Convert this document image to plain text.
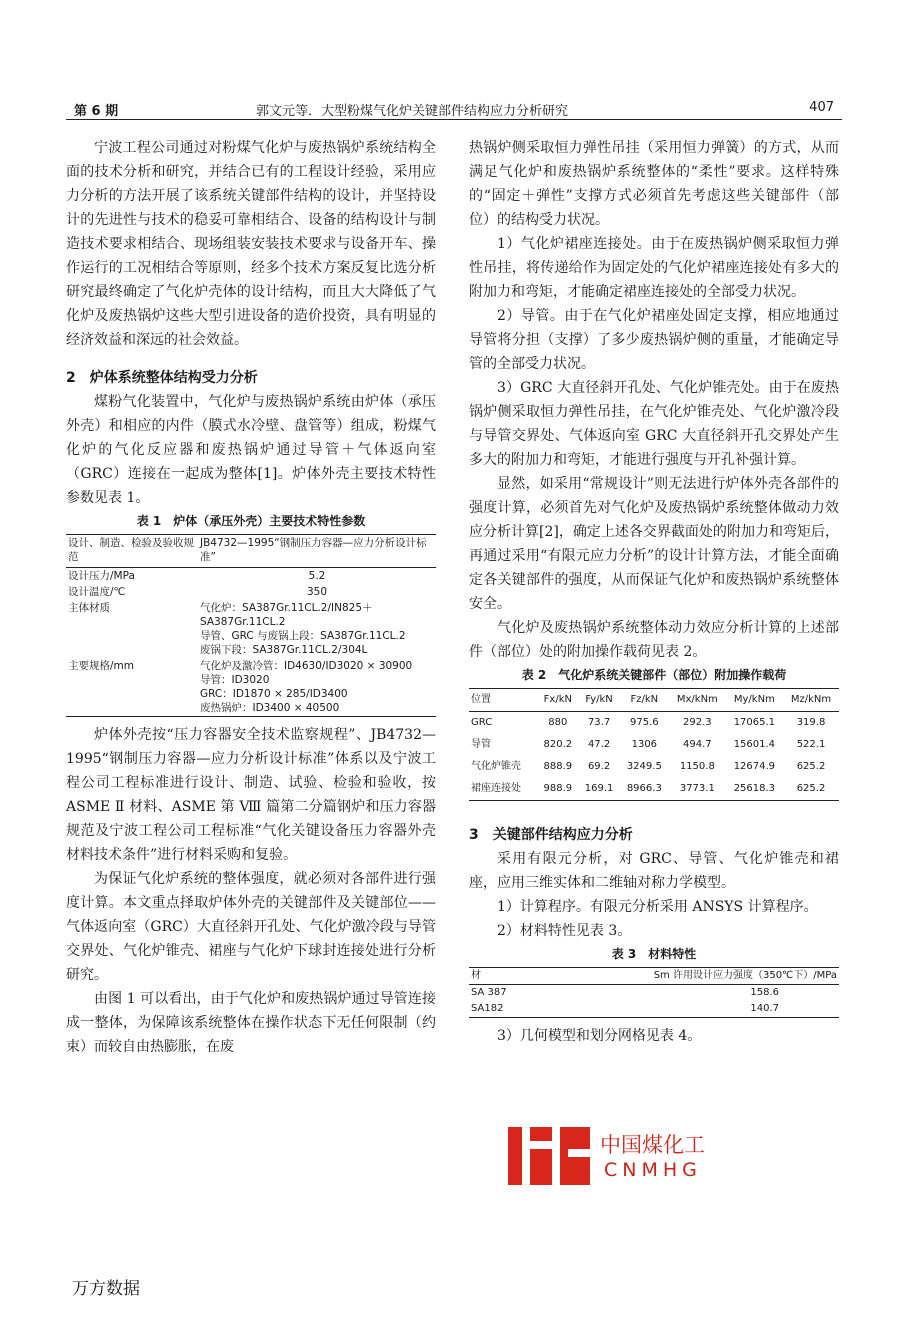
第 6 期	郭文元等．大型粉煤气化炉关键部件结构应力分析研究	407

宁波工程公司通过对粉煤气化炉与废热锅炉系统结构全面的技术分析和研究，并结合已有的工程设计经验，采用应力分析的方法开展了该系统关键部件结构的设计，并坚持设计的先进性与技术的稳妥可靠相结合、设备的结构设计与制造技术要求相结合、现场组装安装技术要求与设备开车、操作运行的工况相结合等原则，经多个技术方案反复比选分析研究最终确定了气化炉壳体的设计结构，而且大大降低了气化炉及废热锅炉这些大型引进设备的造价投资，具有明显的经济效益和深远的社会效益。

2　炉体系统整体结构受力分析

煤粉气化装置中，气化炉与废热锅炉系统由炉体（承压外壳）和相应的内件（膜式水冷壁、盘管等）组成，粉煤气化炉的气化反应器和废热锅炉通过导管＋气体返向室（GRC）连接在一起成为整体[1]。炉体外壳主要技术特性参数见表 1。

表 1　炉体（承压外壳）主要技术特性参数
设计、制造、检验及验收规范	JB4732—1995“钢制压力容器—应力分析设计标准”
设计压力/MPa	5.2
设计温度/℃	350
主体材质	气化炉：SA387Gr.11CL.2/IN825＋SA387Gr.11CL.2
导管、GRC 与废锅上段：SA387Gr.11CL.2
废锅下段：SA387Gr.11CL.2/304L

主要规格/mm	气化炉及激冷管：ID4630/ID3020 × 30900
导管：ID3020
GRC：ID1870 × 285/ID3400
废热锅炉：ID3400 × 40500

炉体外壳按“压力容器安全技术监察规程”、JB4732—1995“钢制压力容器—应力分析设计标准”体系以及宁波工程公司工程标准进行设计、制造、试验、检验和验收，按 ASME Ⅱ 材料、ASME 第 Ⅷ 篇第二分篇钢炉和压力容器规范及宁波工程公司工程标准“气化关键设备压力容器外壳材料技术条件”进行材料采购和复验。

为保证气化炉系统的整体强度，就必须对各部件进行强度计算。本文重点择取炉体外壳的关键部件及关键部位——气体返向室（GRC）大直径斜开孔处、气化炉激冷段与导管交界处、气化炉锥壳、裙座与气化炉下球封连接处进行分析研究。

由图 1 可以看出，由于气化炉和废热锅炉通过导管连接成一整体，为保障该系统整体在操作状态下无任何限制（约束）而较自由热膨胀，在废

热锅炉侧采取恒力弹性吊挂（采用恒力弹簧）的方式，从而满足气化炉和废热锅炉系统整体的“柔性”要求。这样特殊的“固定＋弹性”支撑方式必须首先考虑这些关键部件（部位）的结构受力状况。

1）气化炉裙座连接处。由于在废热锅炉侧采取恒力弹性吊挂，将传递给作为固定处的气化炉裙座连接处有多大的附加力和弯矩，才能确定裙座连接处的全部受力状况。

2）导管。由于在气化炉裙座处固定支撑，相应地通过导管将分担（支撑）了多少废热锅炉侧的重量，才能确定导管的全部受力状况。

3）GRC 大直径斜开孔处、气化炉锥壳处。由于在废热锅炉侧采取恒力弹性吊挂，在气化炉锥壳处、气化炉激冷段与导管交界处、气体返向室 GRC 大直径斜开孔交界处产生多大的附加力和弯矩，才能进行强度与开孔补强计算。

显然，如采用“常规设计”则无法进行炉体外壳各部件的强度计算，必须首先对气化炉及废热锅炉系统整体做动力效应分析计算[2]，确定上述各交界截面处的附加力和弯矩后，再通过采用“有限元应力分析”的设计计算方法，才能全面确定各关键部件的强度，从而保证气化炉和废热锅炉系统整体安全。

气化炉及废热锅炉系统整体动力效应分析计算的上述部件（部位）处的附加操作载荷见表 2。

表 2　气化炉系统关键部件（部位）附加操作载荷
位置	Fx/kN	Fy/kN	Fz/kN	Mx/kNm	My/kNm	Mz/kNm
GRC	880	73.7	975.6	292.3	17065.1	319.8
导管	820.2	47.2	1306	494.7	15601.4	522.1
气化炉锥壳	888.9	69.2	3249.5	1150.8	12674.9	625.2
裙座连接处	988.9	169.1	8966.3	3773.1	25618.3	625.2
3　关键部件结构应力分析

采用有限元分析，对 GRC、导管、气化炉锥壳和裙座，应用三维实体和二维轴对称力学模型。

1）计算程序。有限元分析采用 ANSYS 计算程序。

2）材料特性见表 3。

表 3　材料特性
材	Sm 许用设计应力强度（350℃下）/MPa
SA 387	158.6
SA182	140.7

3）几何模型和划分网格见表 4。

中国煤化工
CNMHG
万方数据
